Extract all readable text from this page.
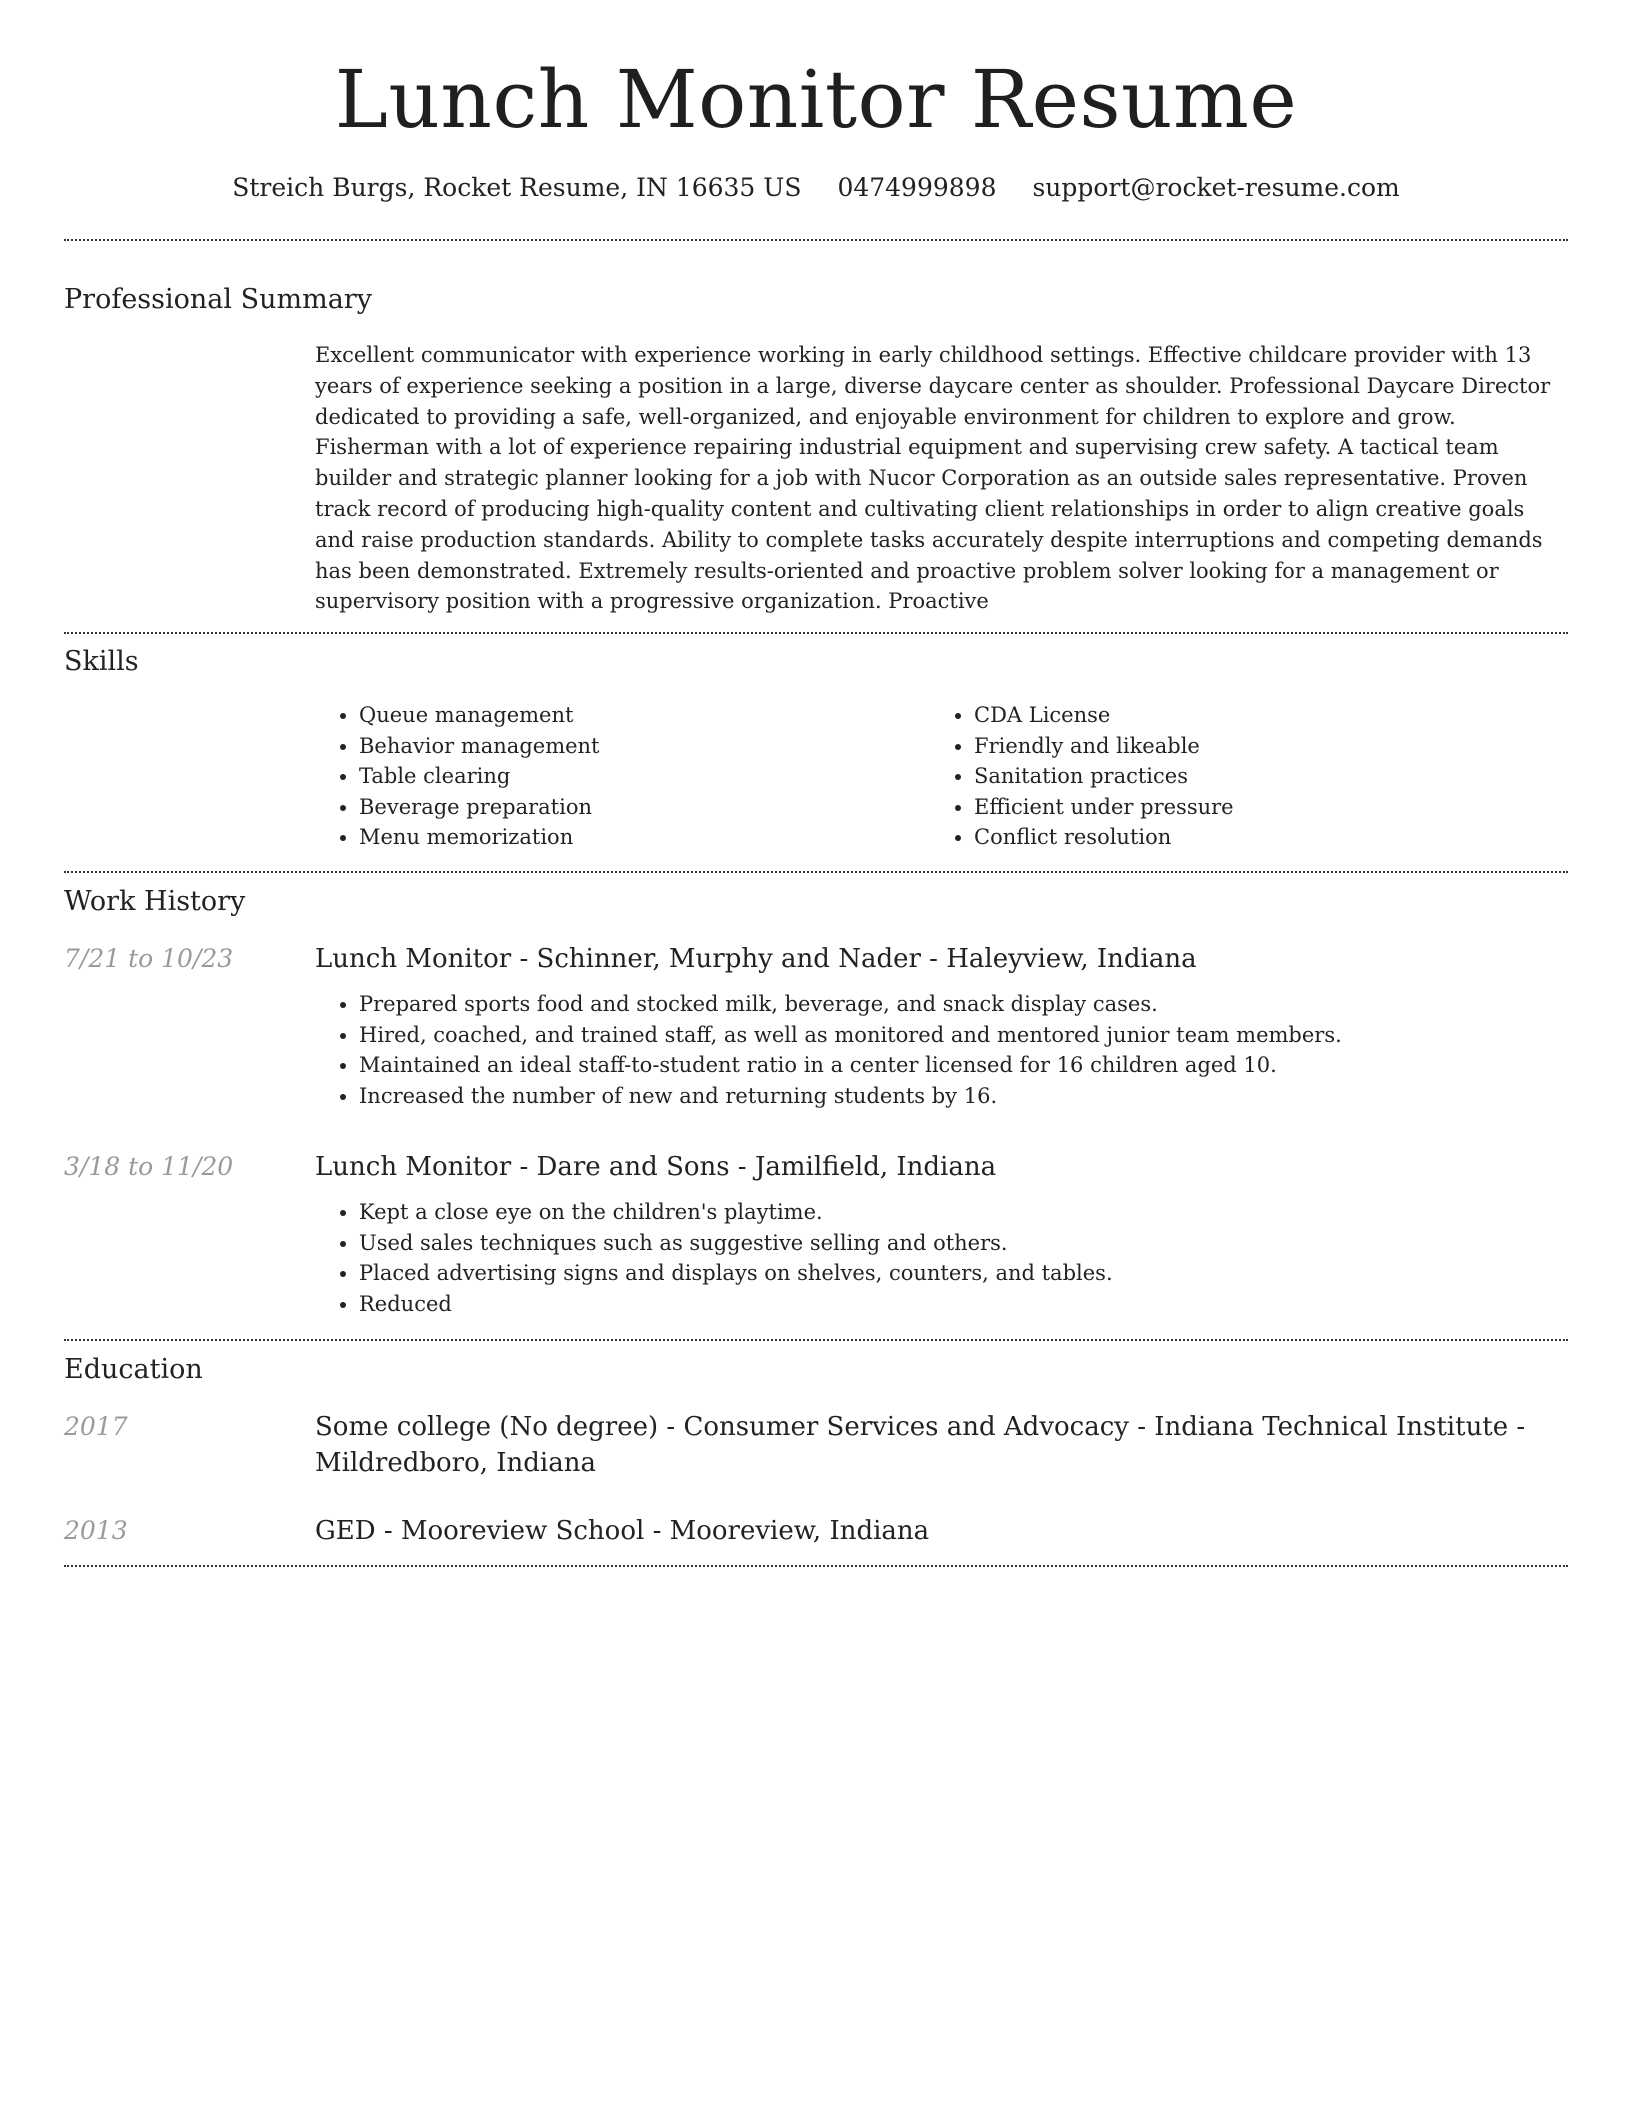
Lunch Monitor Resume
Streich Burgs, Rocket Resume, IN 16635 US 0474999898 support@rocket-resume.com
Professional Summary

Excellent communicator with experience working in early childhood settings. Effective childcare provider with 13 years of experience seeking a position in a large, diverse daycare center as shoulder. Professional Daycare Director dedicated to providing a safe, well-organized, and enjoyable environment for children to explore and grow. Fisherman with a lot of experience repairing industrial equipment and supervising crew safety. A tactical team builder and strategic planner looking for a job with Nucor Corporation as an outside sales representative. Proven track record of producing high-quality content and cultivating client relationships in order to align creative goals and raise production standards. Ability to complete tasks accurately despite interruptions and competing demands has been demonstrated. Extremely results-oriented and proactive problem solver looking for a management or supervisory position with a progressive organization. Proactive

Skills
• Queue management
• Behavior management
• Table clearing
• Beverage preparation
• Menu memorization
• CDA License
• Friendly and likeable
• Sanitation practices
• Efficient under pressure
• Conflict resolution
Work History
7/21 to 10/23	Lunch Monitor - Schinner, Murphy and Nader - Haleyview, Indiana
• Prepared sports food and stocked milk, beverage, and snack display cases.
• Hired, coached, and trained staff, as well as monitored and mentored junior team members.
• Maintained an ideal staff-to-student ratio in a center licensed for 16 children aged 10.
• Increased the number of new and returning students by 16.
3/18 to 11/20	Lunch Monitor - Dare and Sons - Jamilfield, Indiana
• Kept a close eye on the children's playtime.
• Used sales techniques such as suggestive selling and others.
• Placed advertising signs and displays on shelves, counters, and tables.
• Reduced
Education
2017	Some college (No degree) - Consumer Services and Advocacy - Indiana Technical Institute - Mildredboro, Indiana
2013	GED - Mooreview School - Mooreview, Indiana
